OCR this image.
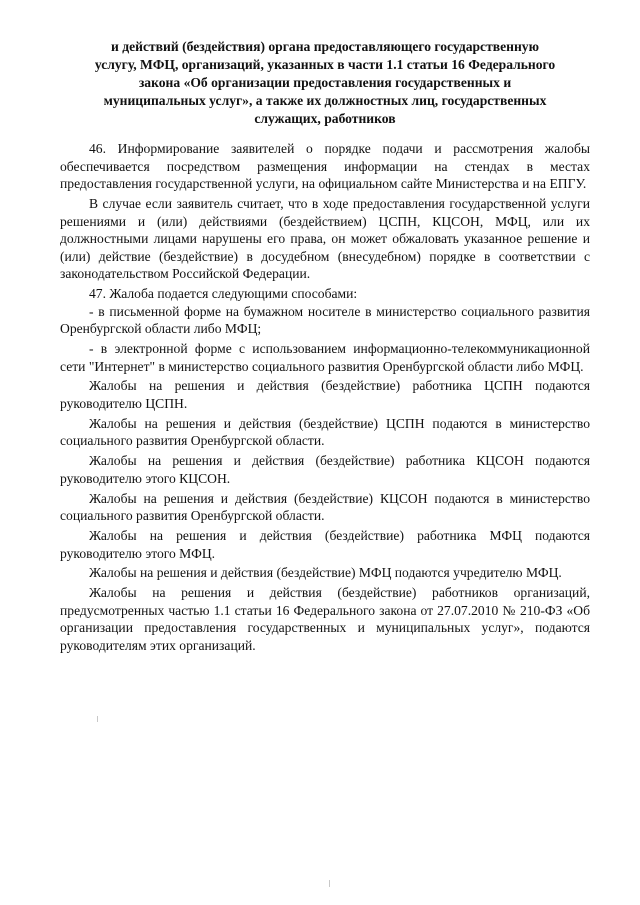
и действий (бездействия) органа предоставляющего государственную
услугу, МФЦ, организаций, указанных в части 1.1 статьи 16 Федерального
закона «Об организации предоставления государственных и
муниципальных услуг», а также их должностных лиц, государственных
служащих, работников

46. Информирование заявителей о порядке подачи и рассмотрения жалобы обеспечивается посредством размещения информации на стендах в местах предоставления государственной услуги, на официальном сайте Министерства и на ЕПГУ.

В случае если заявитель считает, что в ходе предоставления государственной услуги решениями и (или) действиями (бездействием) ЦСПН, КЦСОН, МФЦ, или их должностными лицами нарушены его права, он может обжаловать указанное решение и (или) действие (бездействие) в досудебном (внесудебном) порядке в соответствии с законодательством Российской Федерации.

47. Жалоба подается следующими способами:

- в письменной форме на бумажном носителе в министерство социального развития Оренбургской области либо МФЦ;

- в электронной форме с использованием информационно-телекоммуникационной сети "Интернет" в министерство социального развития Оренбургской области либо МФЦ.

Жалобы на решения и действия (бездействие) работника ЦСПН подаются руководителю ЦСПН.

Жалобы на решения и действия (бездействие) ЦСПН подаются в министерство социального развития Оренбургской области.

Жалобы на решения и действия (бездействие) работника КЦСОН подаются руководителю этого КЦСОН.

Жалобы на решения и действия (бездействие) КЦСОН подаются в министерство социального развития Оренбургской области.

Жалобы на решения и действия (бездействие) работника МФЦ подаются руководителю этого МФЦ.

Жалобы на решения и действия (бездействие) МФЦ подаются учредителю МФЦ.

Жалобы на решения и действия (бездействие) работников организаций, предусмотренных частью 1.1 статьи 16 Федерального закона от 27.07.2010 № 210-ФЗ «Об организации предоставления государственных и муниципальных услуг», подаются руководителям этих организаций.
